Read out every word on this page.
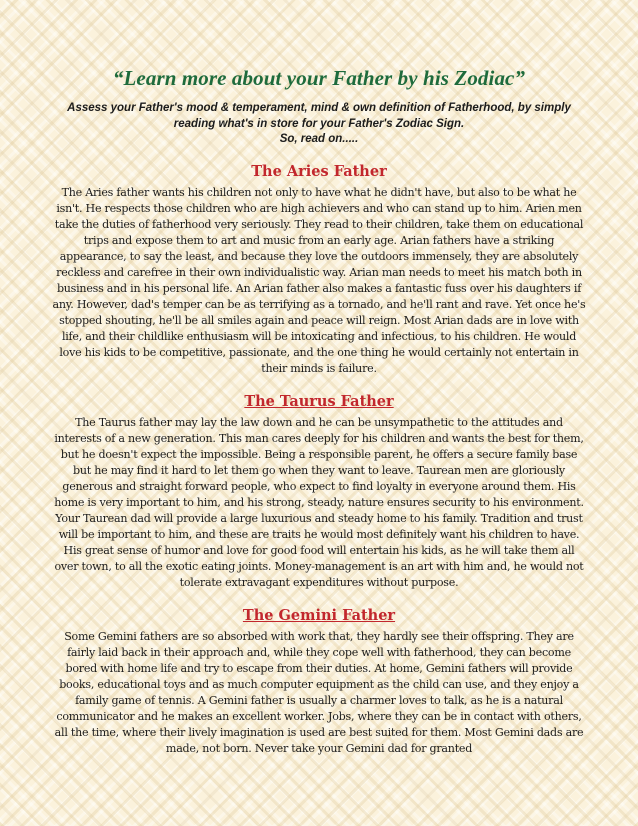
“Learn more about your Father by his Zodiac”

Assess your Father's mood & temperament, mind & own definition of Fatherhood, by simply reading what's in store for your Father's Zodiac Sign.

So, read on.....

The Aries Father

The Aries father wants his children not only to have what he didn't have, but also to be what he isn't. He respects those children who are high achievers and who can stand up to him. Arien men take the duties of fatherhood very seriously. They read to their children, take them on educational trips and expose them to art and music from an early age. Arian fathers have a striking appearance, to say the least, and because they love the outdoors immensely, they are absolutely reckless and carefree in their own individualistic way. Arian man needs to meet his match both in business and in his personal life. An Arian father also makes a fantastic fuss over his daughters if any. However, dad's temper can be as terrifying as a tornado, and he'll rant and rave. Yet once he's stopped shouting, he'll be all smiles again and peace will reign. Most Arian dads are in love with life, and their childlike enthusiasm will be intoxicating and infectious, to his children. He would love his kids to be competitive, passionate, and the one thing he would certainly not entertain in their minds is failure.

The Taurus Father

The Taurus father may lay the law down and he can be unsympathetic to the attitudes and interests of a new generation. This man cares deeply for his children and wants the best for them, but he doesn't expect the impossible. Being a responsible parent, he offers a secure family base but he may find it hard to let them go when they want to leave. Taurean men are gloriously generous and straight forward people, who expect to find loyalty in everyone around them. His home is very important to him, and his strong, steady, nature ensures security to his environment. Your Taurean dad will provide a large luxurious and steady home to his family. Tradition and trust will be important to him, and these are traits he would most definitely want his children to have. His great sense of humor and love for good food will entertain his kids, as he will take them all over town, to all the exotic eating joints. Money-management is an art with him and, he would not tolerate extravagant expenditures without purpose.

The Gemini Father

Some Gemini fathers are so absorbed with work that, they hardly see their offspring. They are fairly laid back in their approach and, while they cope well with fatherhood, they can become bored with home life and try to escape from their duties. At home, Gemini fathers will provide books, educational toys and as much computer equipment as the child can use, and they enjoy a family game of tennis. A Gemini father is usually a charmer loves to talk, as he is a natural communicator and he makes an excellent worker. Jobs, where they can be in contact with others, all the time, where their lively imagination is used are best suited for them. Most Gemini dads are made, not born. Never take your Gemini dad for granted
